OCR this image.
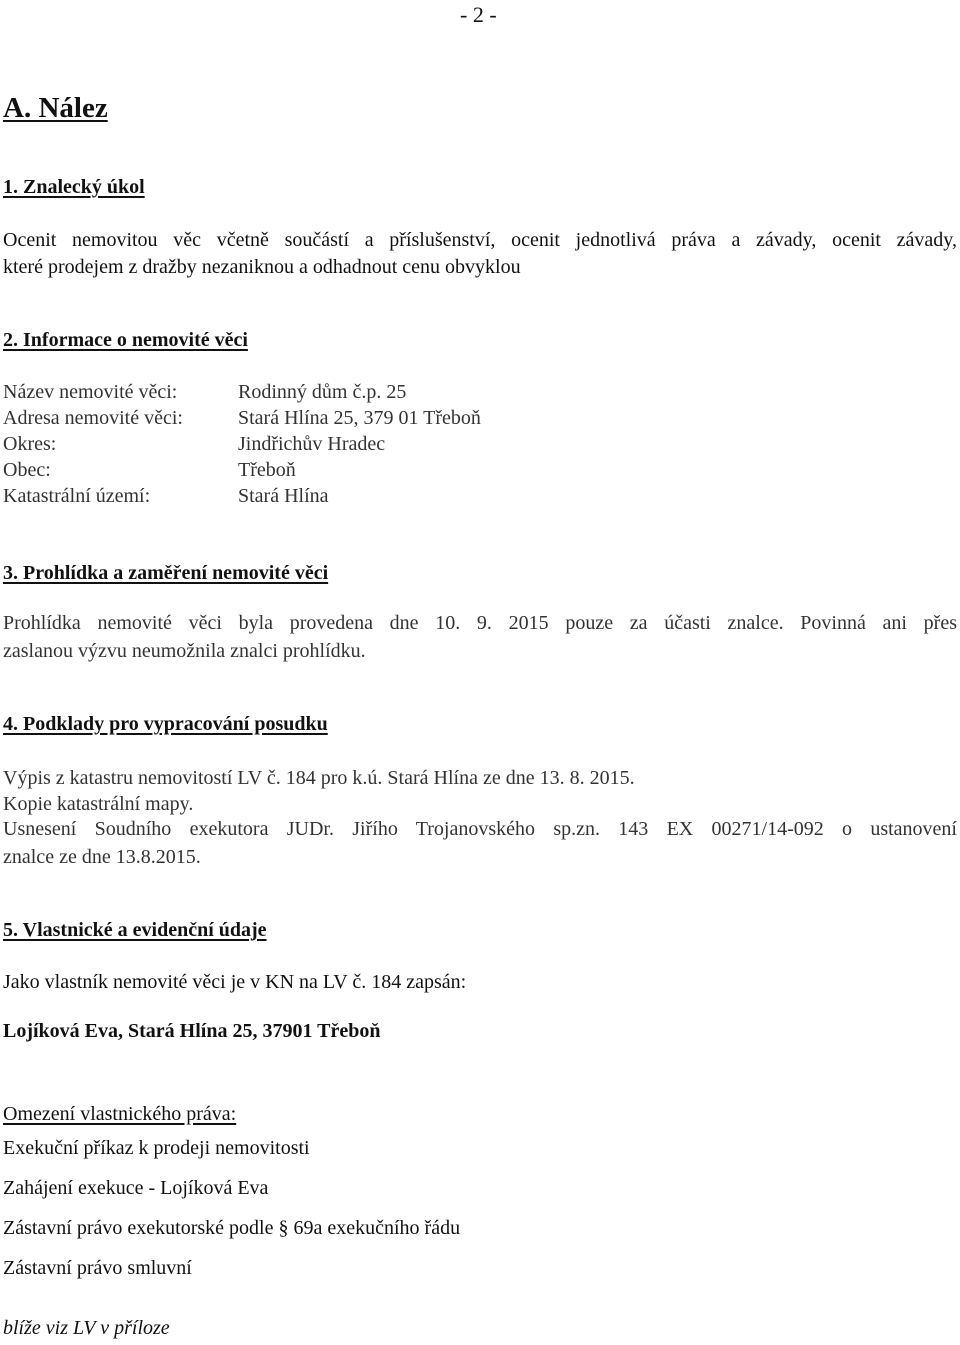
- 2 -
A. Nález
1. Znalecký úkol
Ocenit nemovitou věc včetně součástí a příslušenství, ocenit jednotlivá práva a závady, ocenit závady,
které prodejem z dražby nezaniknou a odhadnout cenu obvyklou
2. Informace o nemovité věci
Název nemovité věci:	Rodinný dům č.p. 25
Adresa nemovité věci:	Stará Hlína 25, 379 01 Třeboň
Okres:	Jindřichův Hradec
Obec:	Třeboň
Katastrální území:	Stará Hlína
3. Prohlídka a zaměření nemovité věci
Prohlídka nemovité věci byla provedena dne 10. 9. 2015 pouze za účasti znalce. Povinná ani přes
zaslanou výzvu neumožnila znalci prohlídku.
4. Podklady pro vypracování posudku
Výpis z katastru nemovitostí LV č. 184 pro k.ú. Stará Hlína ze dne 13. 8. 2015.
Kopie katastrální mapy.
Usnesení Soudního exekutora JUDr. Jiřího Trojanovského sp.zn. 143 EX 00271/14-092 o ustanovení
znalce ze dne 13.8.2015.
5. Vlastnické a evidenční údaje
Jako vlastník nemovité věci je v KN na LV č. 184 zapsán:
Lojíková Eva, Stará Hlína 25, 37901 Třeboň
Omezení vlastnického práva:
Exekuční příkaz k prodeji nemovitosti
Zahájení exekuce - Lojíková Eva
Zástavní právo exekutorské podle § 69a exekučního řádu
Zástavní právo smluvní
blíže viz LV v příloze
